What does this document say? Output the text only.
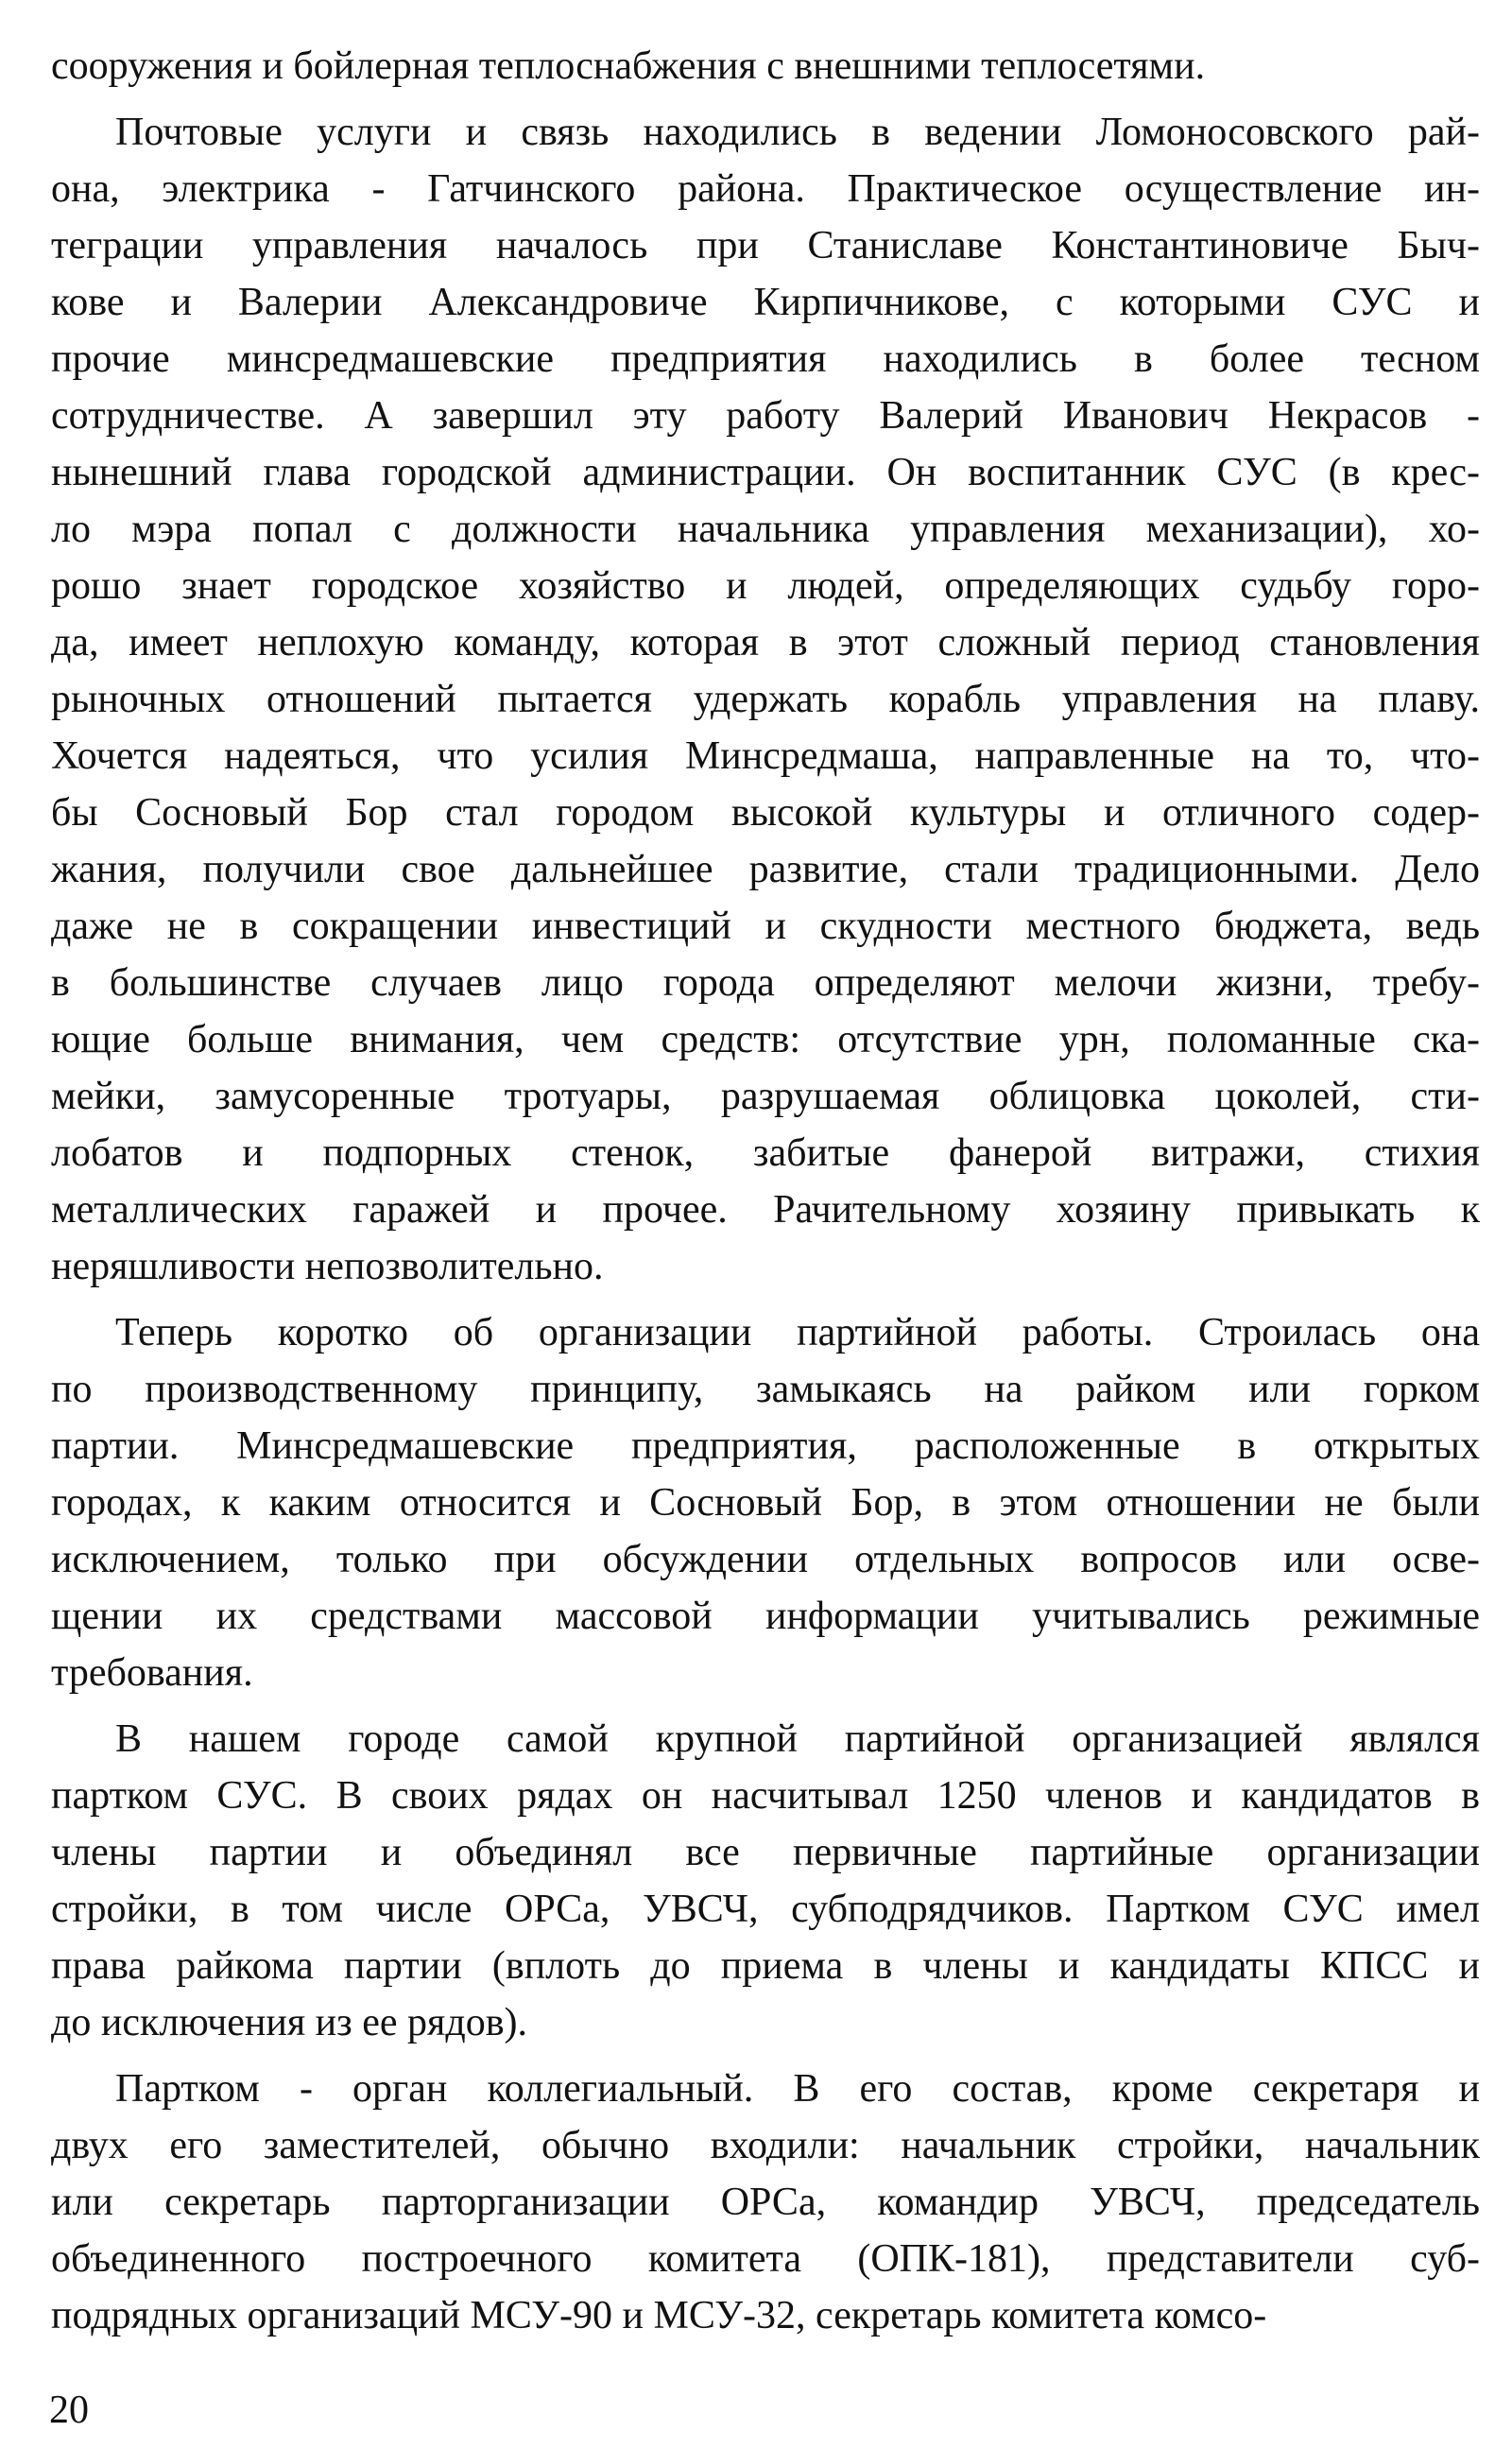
сооружения и бойлерная теплоснабжения с внешними теплосетями.
Почтовые услуги и связь находились в ведении Ломоносовского рай-
она, электрика - Гатчинского района. Практическое осуществление ин-
теграции управления началось при Станиславе Константиновиче Быч-
кове и Валерии Александровиче Кирпичникове, с которыми СУС и
прочие минсредмашевские предприятия находились в более тесном
сотрудничестве. А завершил эту работу Валерий Иванович Некрасов -
нынешний глава городской администрации. Он воспитанник СУС (в крес-
ло мэра попал с должности начальника управления механизации), хо-
рошо знает городское хозяйство и людей, определяющих судьбу горо-
да, имеет неплохую команду, которая в этот сложный период становления
рыночных отношений пытается удержать корабль управления на плаву.
Хочется надеяться, что усилия Минсредмаша, направленные на то, что-
бы Сосновый Бор стал городом высокой культуры и отличного содер-
жания, получили свое дальнейшее развитие, стали традиционными. Дело
даже не в сокращении инвестиций и скудности местного бюджета, ведь
в большинстве случаев лицо города определяют мелочи жизни, требу-
ющие больше внимания, чем средств: отсутствие урн, поломанные ска-
мейки, замусоренные тротуары, разрушаемая облицовка цоколей, сти-
лобатов и подпорных стенок, забитые фанерой витражи, стихия
металлических гаражей и прочее. Рачительному хозяину привыкать к
неряшливости непозволительно.
Теперь коротко об организации партийной работы. Строилась она
по производственному принципу, замыкаясь на райком или горком
партии. Минсредмашевские предприятия, расположенные в открытых
городах, к каким относится и Сосновый Бор, в этом отношении не были
исключением, только при обсуждении отдельных вопросов или осве-
щении их средствами массовой информации учитывались режимные
требования.
В нашем городе самой крупной партийной организацией являлся
партком СУС. В своих рядах он насчитывал 1250 членов и кандидатов в
члены партии и объединял все первичные партийные организации
стройки, в том числе ОРСа, УВСЧ, субподрядчиков. Партком СУС имел
права райкома партии (вплоть до приема в члены и кандидаты КПСС и
до исключения из ее рядов).
Партком - орган коллегиальный. В его состав, кроме секретаря и
двух его заместителей, обычно входили: начальник стройки, начальник
или секретарь парторганизации ОРСа, командир УВСЧ, председатель
объединенного построечного комитета (ОПК-181), представители суб-
подрядных организаций МСУ-90 и МСУ-32, секретарь комитета комсо-
20
